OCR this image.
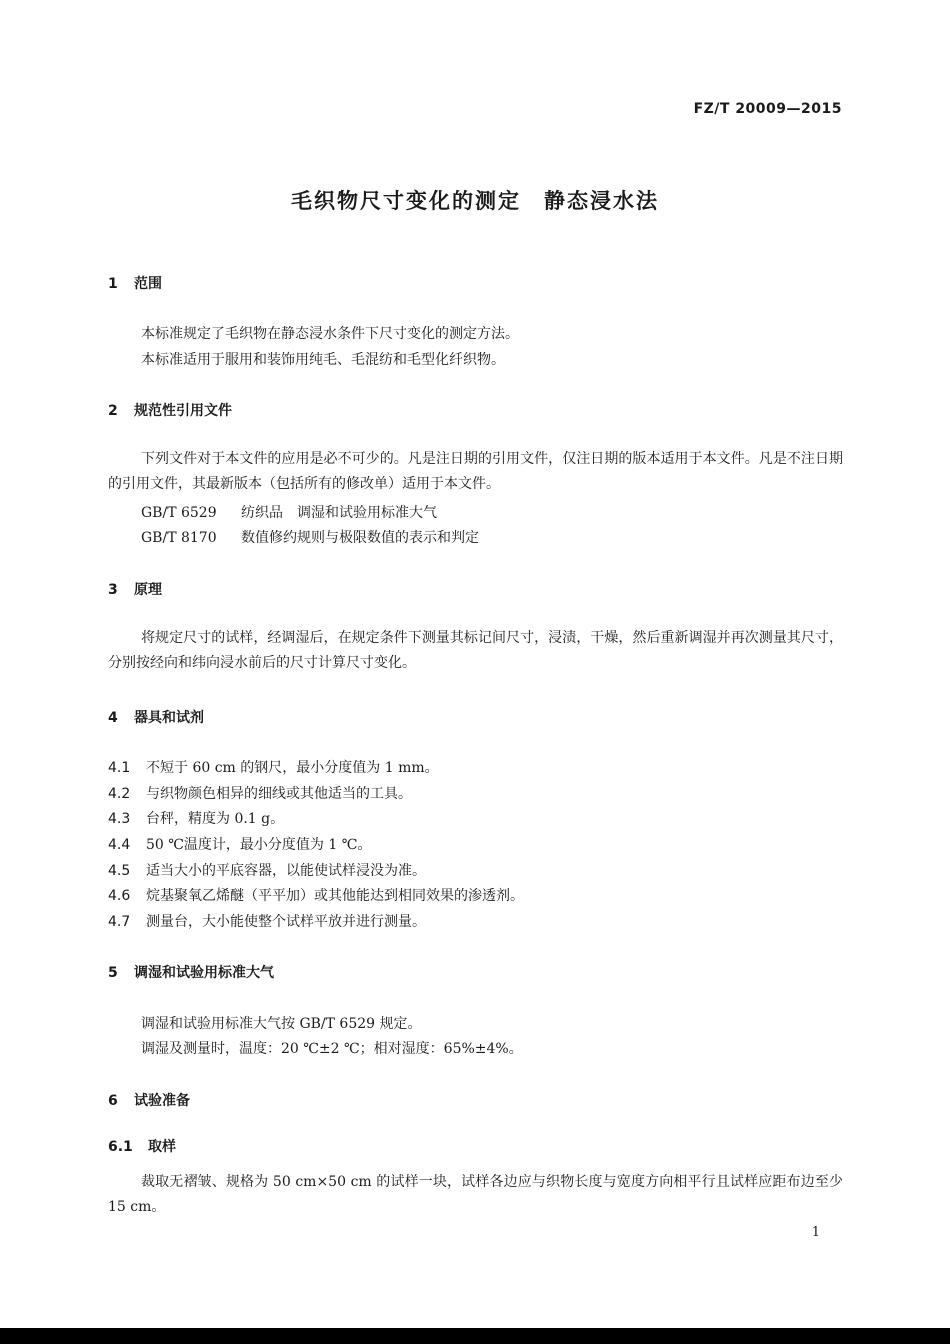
FZ/T 20009—2015
毛织物尺寸变化的测定　静态浸水法
1 范围
本标准规定了毛织物在静态浸水条件下尺寸变化的测定方法。
本标准适用于服用和装饰用纯毛、毛混纺和毛型化纤织物。
2 规范性引用文件
下列文件对于本文件的应用是必不可少的。凡是注日期的引用文件，仅注日期的版本适用于本文件。凡是不注日期的引用文件，其最新版本（包括所有的修改单）适用于本文件。
GB/T 6529 纺织品　调湿和试验用标准大气
GB/T 8170 数值修约规则与极限数值的表示和判定
3 原理
将规定尺寸的试样，经调湿后，在规定条件下测量其标记间尺寸，浸渍，干燥，然后重新调湿并再次测量其尺寸，分别按经向和纬向浸水前后的尺寸计算尺寸变化。
4 器具和试剂
4.1 不短于 60 cm 的钢尺，最小分度值为 1 mm。
4.2 与织物颜色相异的细线或其他适当的工具。
4.3 台秤，精度为 0.1 g。
4.4 50 ℃温度计，最小分度值为 1 ℃。
4.5 适当大小的平底容器，以能使试样浸没为准。
4.6 烷基聚氧乙烯醚（平平加）或其他能达到相同效果的渗透剂。
4.7 测量台，大小能使整个试样平放并进行测量。
5 调湿和试验用标准大气
调湿和试验用标准大气按 GB/T 6529 规定。
调湿及测量时，温度：20 ℃±2 ℃；相对湿度：65%±4%。
6 试验准备
6.1 取样
裁取无褶皱、规格为 50 cm×50 cm 的试样一块，试样各边应与织物长度与宽度方向相平行且试样应距布边至少 15 cm。
1
